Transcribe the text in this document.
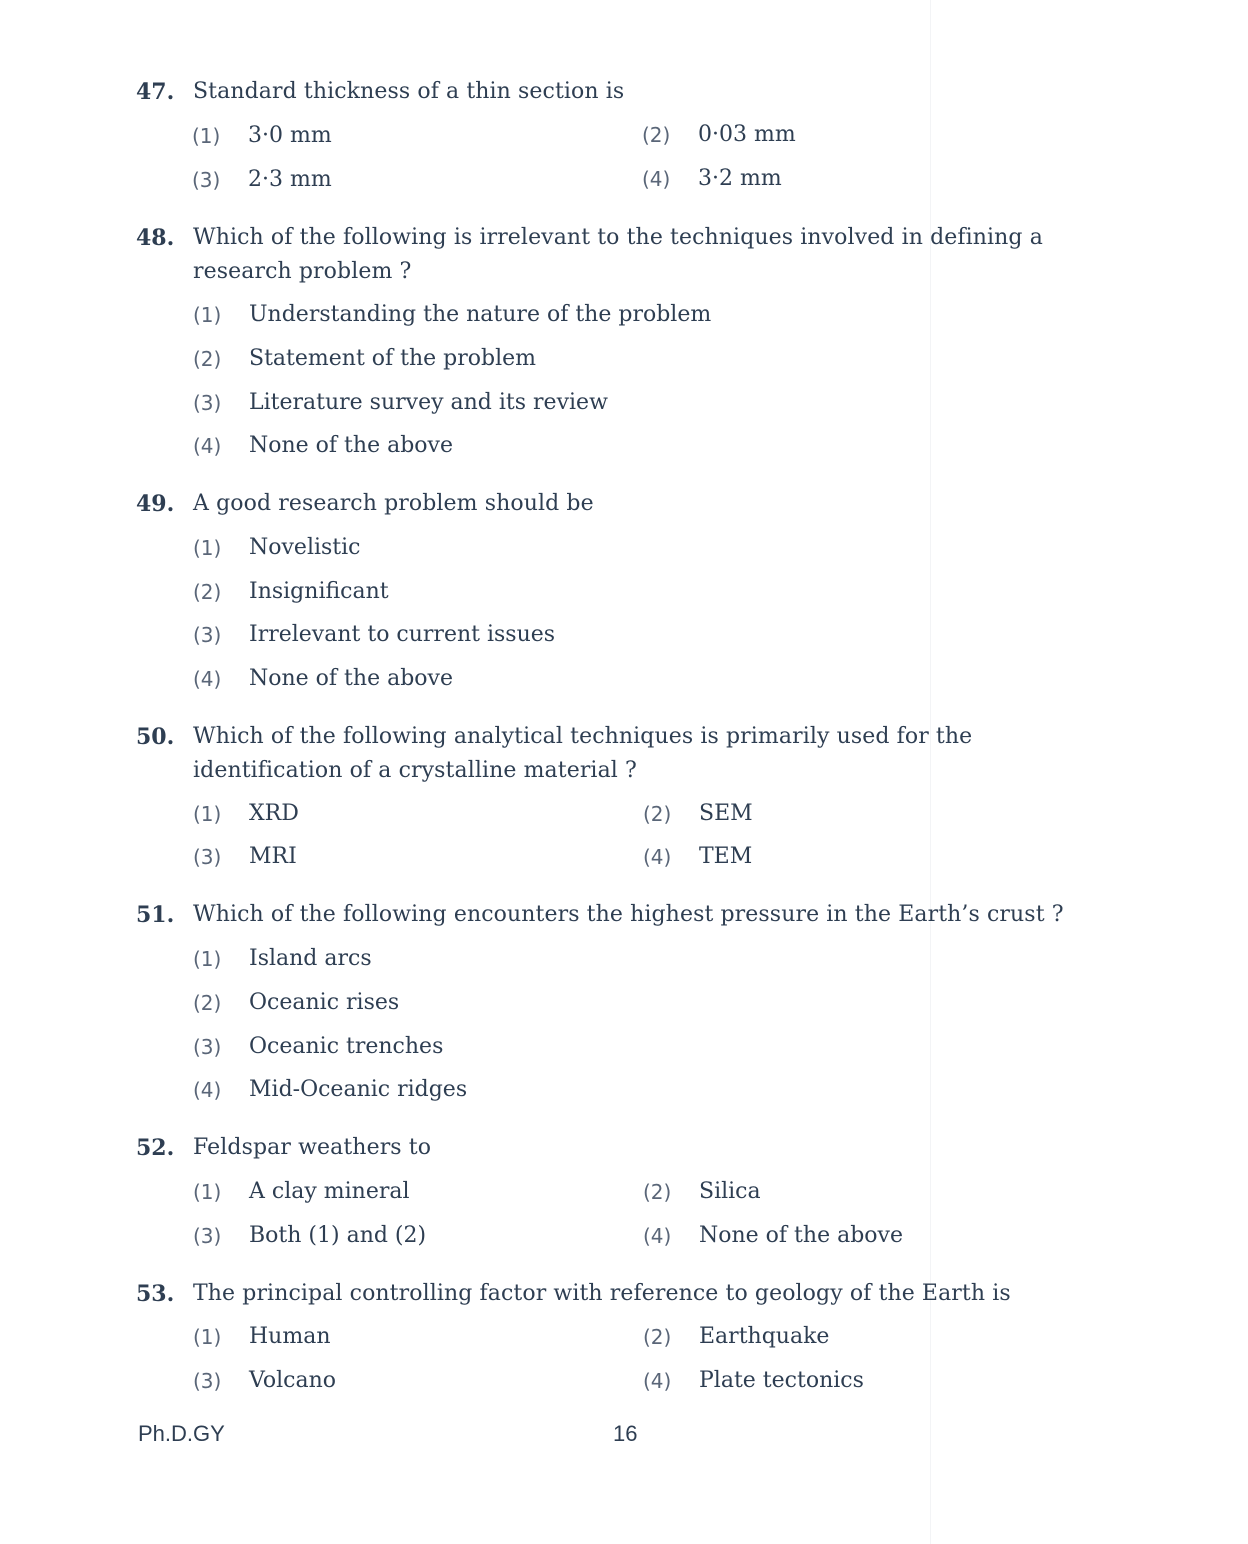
47. Standard thickness of a thin section is
(1) 3·0 mm	(2) 0·03 mm
(3) 2·3 mm	(4) 3·2 mm
48. Which of the following is irrelevant to the techniques involved in defining a research problem ?
(1) Understanding the nature of the problem
(2) Statement of the problem
(3) Literature survey and its review
(4) None of the above
49. A good research problem should be
(1) Novelistic
(2) Insignificant
(3) Irrelevant to current issues
(4) None of the above
50. Which of the following analytical techniques is primarily used for the identification of a crystalline material ?
(1) XRD	(2) SEM
(3) MRI	(4) TEM
51. Which of the following encounters the highest pressure in the Earth’s crust ?
(1) Island arcs
(2) Oceanic rises
(3) Oceanic trenches
(4) Mid-Oceanic ridges
52. Feldspar weathers to
(1) A clay mineral	(2) Silica
(3) Both (1) and (2)	(4) None of the above
53. The principal controlling factor with reference to geology of the Earth is
(1) Human	(2) Earthquake
(3) Volcano	(4) Plate tectonics
Ph.D.GY	16
